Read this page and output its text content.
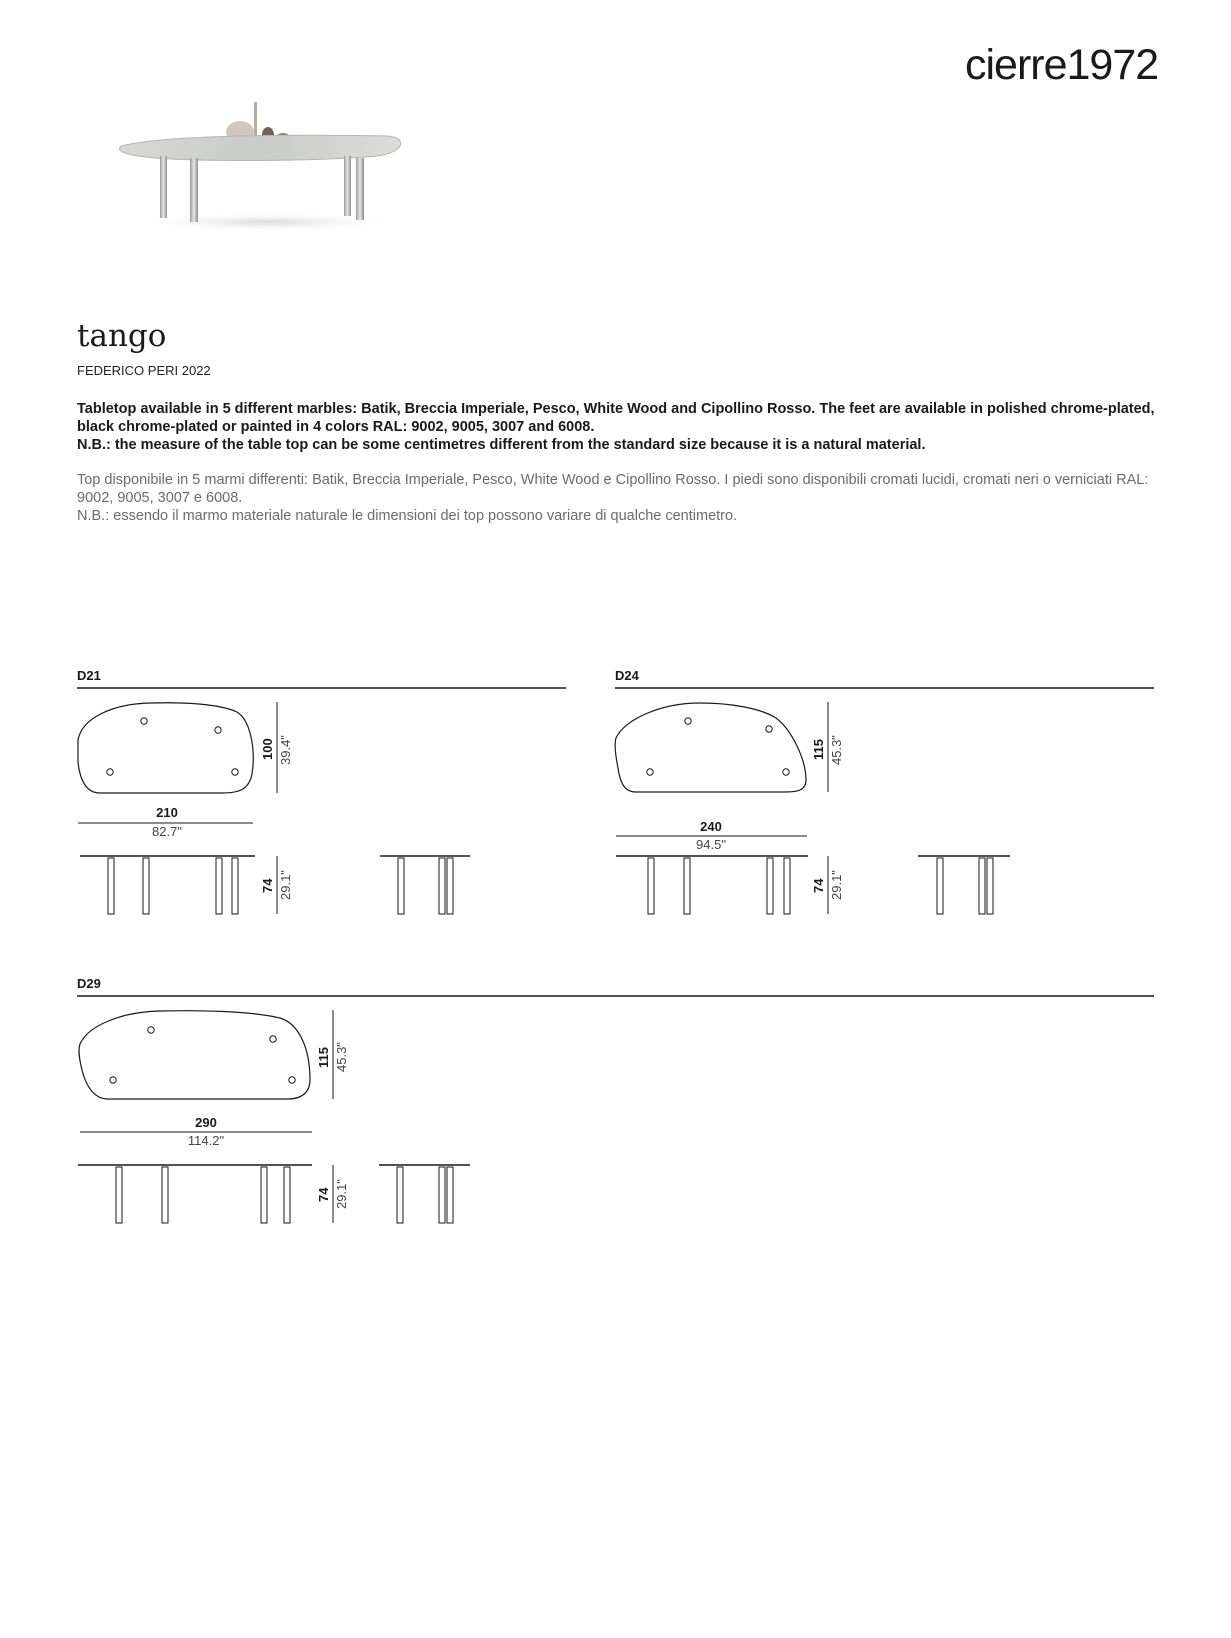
cierre1972
tango
FEDERICO PERI 2022

Tabletop available in 5 different marbles: Batik, Breccia Imperiale, Pesco, White Wood and Cipollino Rosso. The feet are available in polished chrome-plated, black chrome-plated or painted in 4 colors RAL: 9002, 9005, 3007 and 6008.

N.B.: the measure of the table top can be some centimetres different from the standard size because it is a natural material.

Top disponibile in 5 marmi differenti: Batik, Breccia Imperiale, Pesco, White Wood e Cipollino Rosso. I piedi sono disponibili cromati lucidi, cromati neri o verniciati RAL: 9002, 9005, 3007 e 6008.

N.B.: essendo il marmo materiale naturale le dimensioni dei top possono variare di qualche centimetro.

D21
100 39.4"
210
82.7"
74 29.1"
D24
115 45.3"
240
94.5"
74 29.1"
D29
115 45.3"
290
114.2"
74 29.1"
